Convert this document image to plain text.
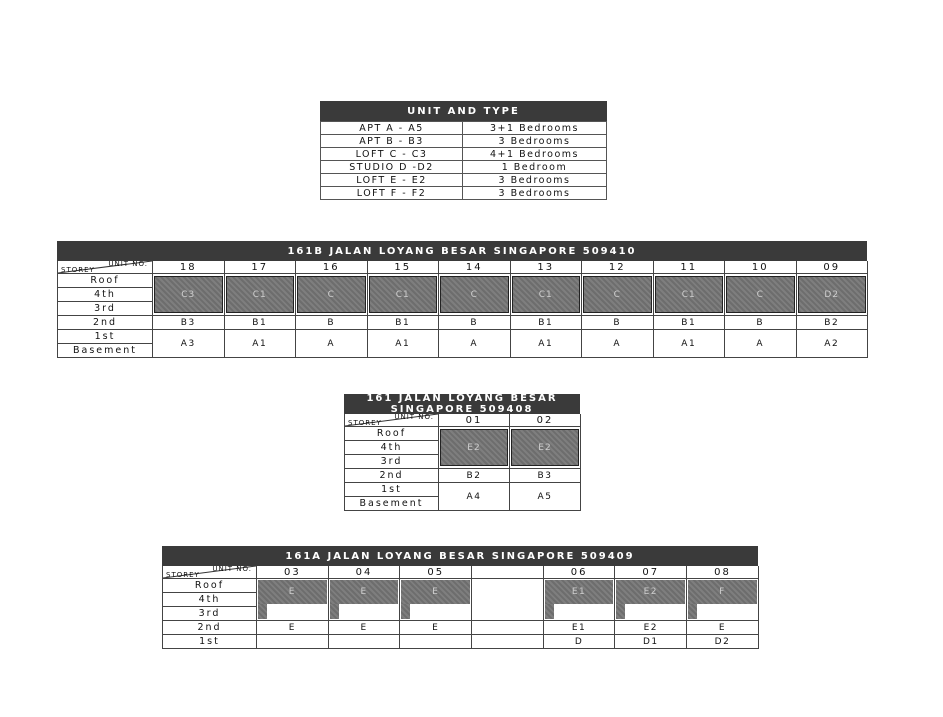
UNIT AND TYPE
APT A - A5	3+1 Bedrooms
APT B - B3	3 Bedrooms
LOFT C - C3	4+1 Bedrooms
STUDIO D -D2	1 Bedroom
LOFT E - E2	3 Bedrooms
LOFT F - F2	3 Bedrooms
161B JALAN LOYANG BESAR SINGAPORE 509410
UNIT NO.
STOREY	18	17	16	15	14	13	12	11	10	09
Roof	C3	C1	C	C1	C	C1	C	C1	C	D2

4th										
3rd										
2nd	B3	B1	B	B1	B	B1	B	B1	B	B2
1st	A3	A1	A	A1	A	A1	A	A1	A	A2
Basement										
161 JALAN LOYANG BESAR
SINGAPORE 509408
UNIT NO.
STOREY	01	02
Roof	E2	E2

4th		
3rd		
2nd	B2	B3
1st	A4	A5
Basement		
161A JALAN LOYANG BESAR SINGAPORE 509409
UNIT NO.
STOREY	03	04	05		06	07	08
Roof	E	E	E		E1	E2	F

4th							
3rd							
2nd	E	E	E		E1	E2	E
1st					D	D1	D2
